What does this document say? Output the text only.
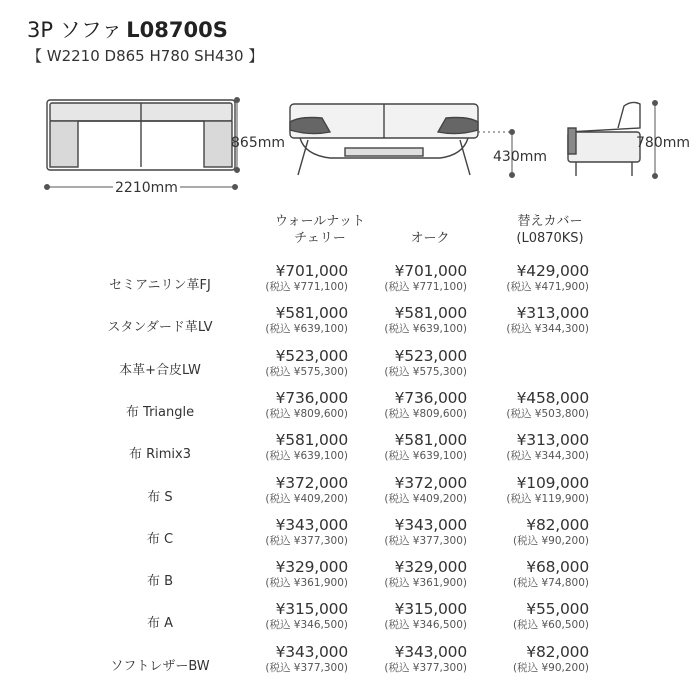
3P ソファ L08700S
【 W2210 D865 H780 SH430 】
2210mm
865mm
430mm
780mm
ウォールナット
チェリー	オーク
替えカバー
(L0870KS)
セミアニリン革FJ
¥701,000
(税込 ¥771,100)
¥701,000
(税込 ¥771,100)
¥429,000
(税込 ¥471,900)
スタンダード革LV
¥581,000
(税込 ¥639,100)
¥581,000
(税込 ¥639,100)
¥313,000
(税込 ¥344,300)
本革+合皮LW
¥523,000
(税込 ¥575,300)
¥523,000
(税込 ¥575,300)
布 Triangle
¥736,000
(税込 ¥809,600)
¥736,000
(税込 ¥809,600)
¥458,000
(税込 ¥503,800)
布 Rimix3
¥581,000
(税込 ¥639,100)
¥581,000
(税込 ¥639,100)
¥313,000
(税込 ¥344,300)
布 S
¥372,000
(税込 ¥409,200)
¥372,000
(税込 ¥409,200)
¥109,000
(税込 ¥119,900)
布 C
¥343,000
(税込 ¥377,300)
¥343,000
(税込 ¥377,300)
¥82,000
(税込 ¥90,200)
布 B
¥329,000
(税込 ¥361,900)
¥329,000
(税込 ¥361,900)
¥68,000
(税込 ¥74,800)
布 A
¥315,000
(税込 ¥346,500)
¥315,000
(税込 ¥346,500)
¥55,000
(税込 ¥60,500)
ソフトレザーBW
¥343,000
(税込 ¥377,300)
¥343,000
(税込 ¥377,300)
¥82,000
(税込 ¥90,200)
